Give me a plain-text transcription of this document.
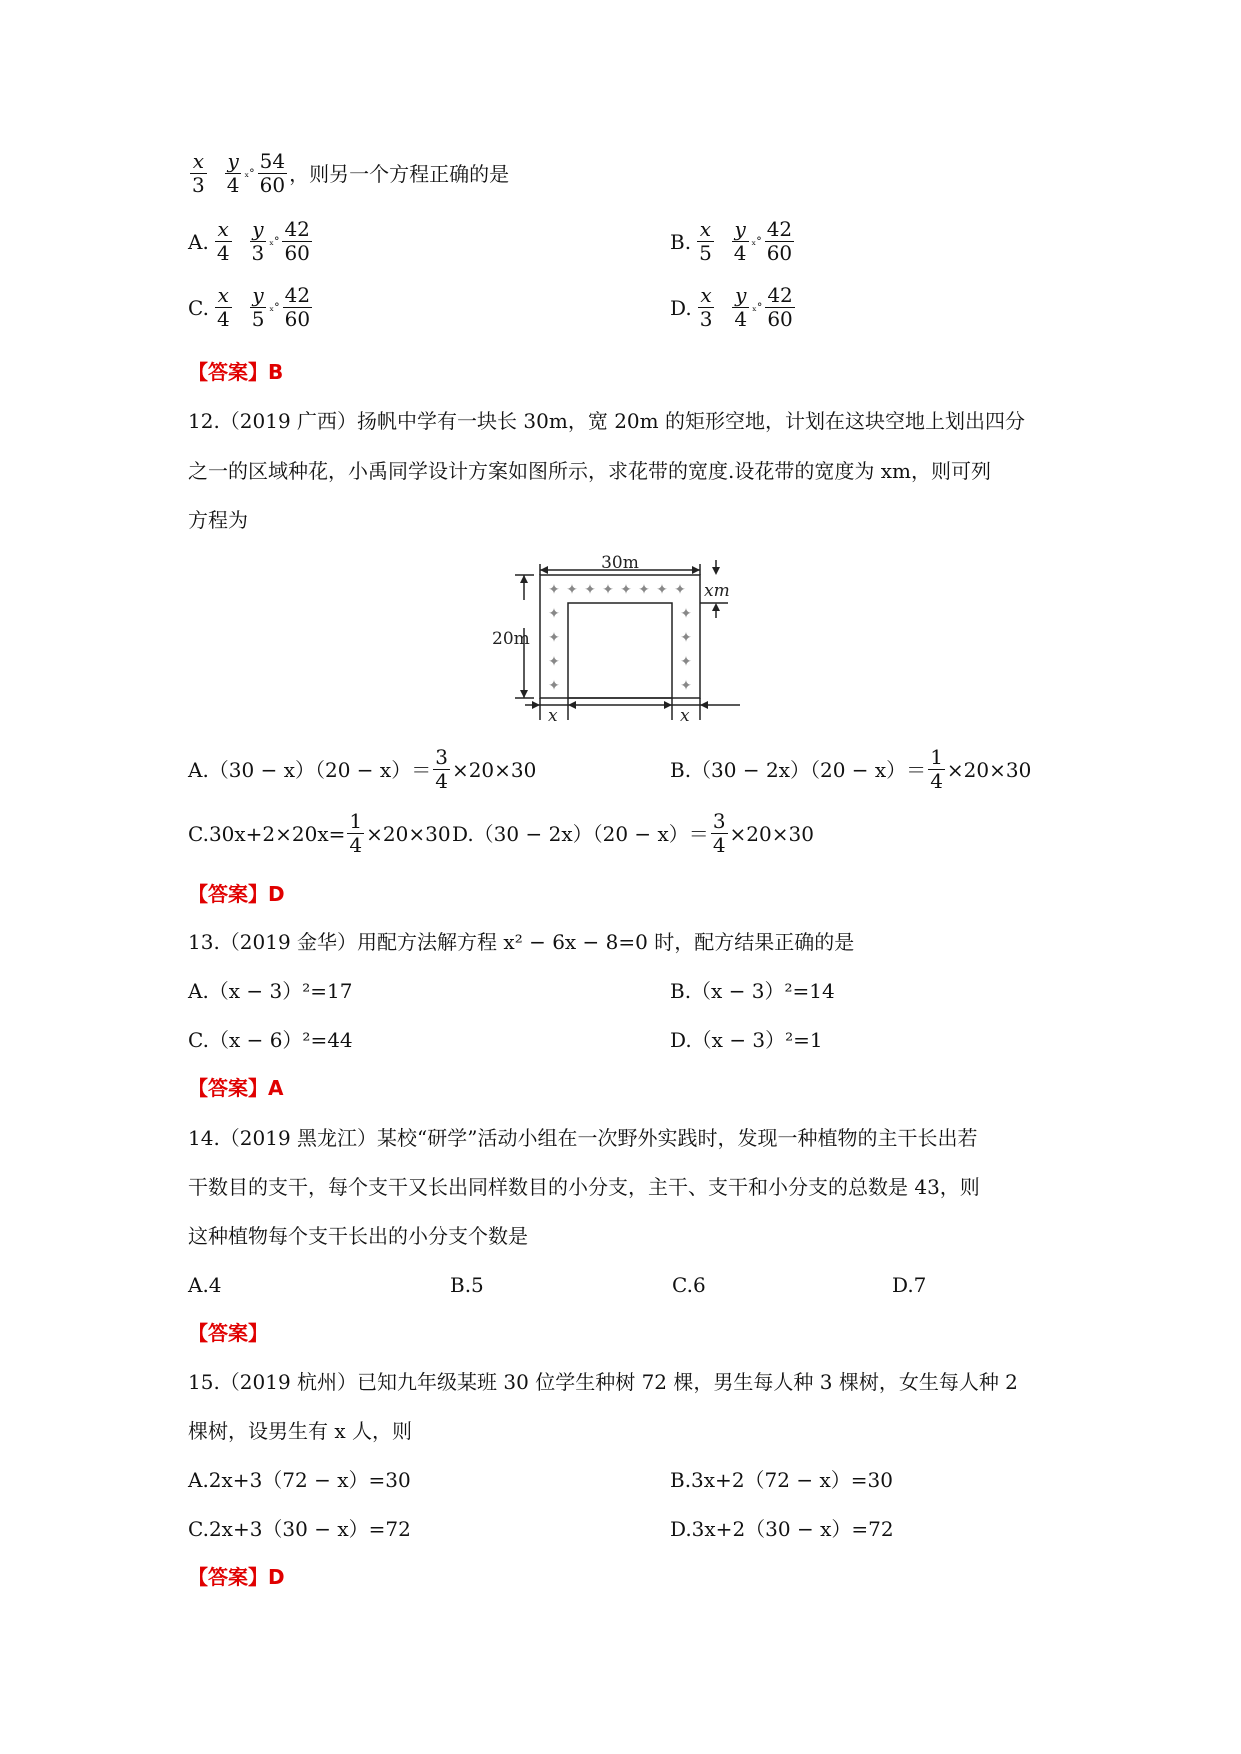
$\frac{x}{3} \frac{y}{4} _x^\circ \frac{54}{60}$ ，则另一个方程正确的是
A. $\frac{x}{4} \frac{y}{3} _x^\circ \frac{42}{60}$	B. $\frac{x}{5} \frac{y}{4} _x^\circ \frac{42}{60}$
C. $\frac{x}{4} \frac{y}{5} _x^\circ \frac{42}{60}$	D. $\frac{x}{3} \frac{y}{4} _x^\circ \frac{42}{60}$
【答案】B
12.（2019 广西）扬帆中学有一块长 30m，宽 20m 的矩形空地，计划在这块空地上划出四分
之一的区域种花，小禹同学设计方案如图所示，求花带的宽度.设花带的宽度为 xm，则可列
方程为
✦ ✦ ✦ ✦ ✦ ✦ ✦ ✦
✦
✦
✦
✦
✦
✦
✦
✦
30m
20m
xm
x	x
$A.(30 - x)(20 - x)= \frac{3}{4} \times 20\times 30$	$B.(30 - 2x)(20 - x)= \frac{1}{4} \times 20\times 30$
$C.30x+2\times 20x= \frac{1}{4} \times 20\times 30$ $D.(30 - 2x)(20 - x)= \frac{3}{4} \times 20\times 30$
【答案】D
13.（2019 金华）用配方法解方程 x² − 6x − 8=0 时，配方结果正确的是
A.（x − 3）²=17	B.（x − 3）²=14
C.（x − 6）²=44	D.（x − 3）²=1
【答案】A
14.（2019 黑龙江）某校“研学”活动小组在一次野外实践时，发现一种植物的主干长出若
干数目的支干，每个支干又长出同样数目的小分支，主干、支干和小分支的总数是 43，则
这种植物每个支干长出的小分支个数是
A.4	B.5	C.6	D.7
【答案】
15.（2019 杭州）已知九年级某班 30 位学生种树 72 棵，男生每人种 3 棵树，女生每人种 2
棵树，设男生有 x 人，则
A.2x+3（72 − x）=30	B.3x+2（72 − x）=30
C.2x+3（30 − x）=72	D.3x+2（30 − x）=72
【答案】D
